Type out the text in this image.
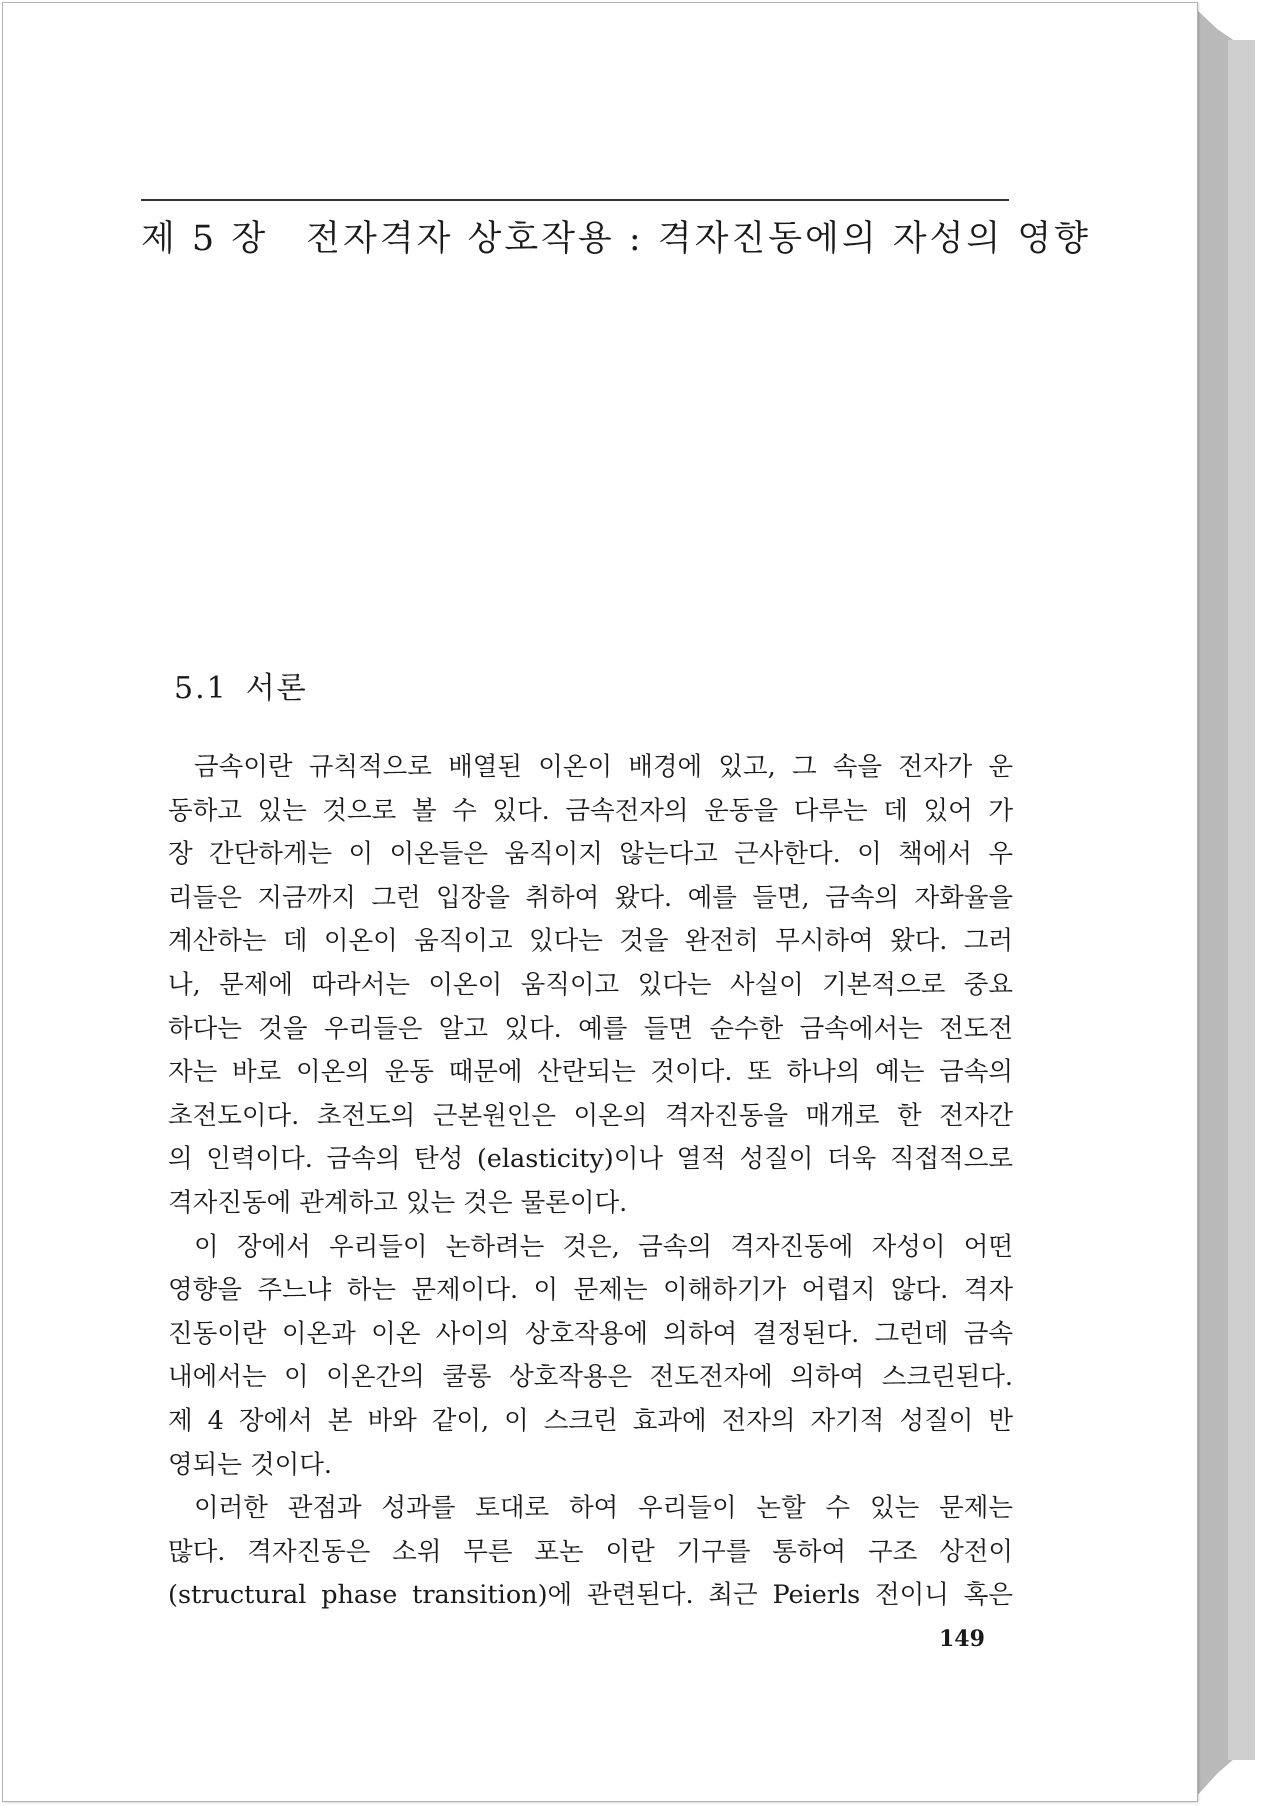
제 5 장 전자격자 상호작용 : 격자진동에의 자성의 영향
5.1 서론
금속이란 규칙적으로 배열된 이온이 배경에 있고, 그 속을 전자가 운
동하고 있는 것으로 볼 수 있다. 금속전자의 운동을 다루는 데 있어 가
장 간단하게는 이 이온들은 움직이지 않는다고 근사한다. 이 책에서 우
리들은 지금까지 그런 입장을 취하여 왔다. 예를 들면, 금속의 자화율을
계산하는 데 이온이 움직이고 있다는 것을 완전히 무시하여 왔다. 그러
나, 문제에 따라서는 이온이 움직이고 있다는 사실이 기본적으로 중요
하다는 것을 우리들은 알고 있다. 예를 들면 순수한 금속에서는 전도전
자는 바로 이온의 운동 때문에 산란되는 것이다. 또 하나의 예는 금속의
초전도이다. 초전도의 근본원인은 이온의 격자진동을 매개로 한 전자간
의 인력이다. 금속의 탄성 (elasticity)이나 열적 성질이 더욱 직접적으로
격자진동에 관계하고 있는 것은 물론이다.
이 장에서 우리들이 논하려는 것은, 금속의 격자진동에 자성이 어떤
영향을 주느냐 하는 문제이다. 이 문제는 이해하기가 어렵지 않다. 격자
진동이란 이온과 이온 사이의 상호작용에 의하여 결정된다. 그런데 금속
내에서는 이 이온간의 쿨롱 상호작용은 전도전자에 의하여 스크린된다.
제 4 장에서 본 바와 같이, 이 스크린 효과에 전자의 자기적 성질이 반
영되는 것이다.
이러한 관점과 성과를 토대로 하여 우리들이 논할 수 있는 문제는
많다. 격자진동은 소위 무른 포논 이란 기구를 통하여 구조 상전이
(structural phase transition)에 관련된다. 최근 Peierls 전이니 혹은
149
